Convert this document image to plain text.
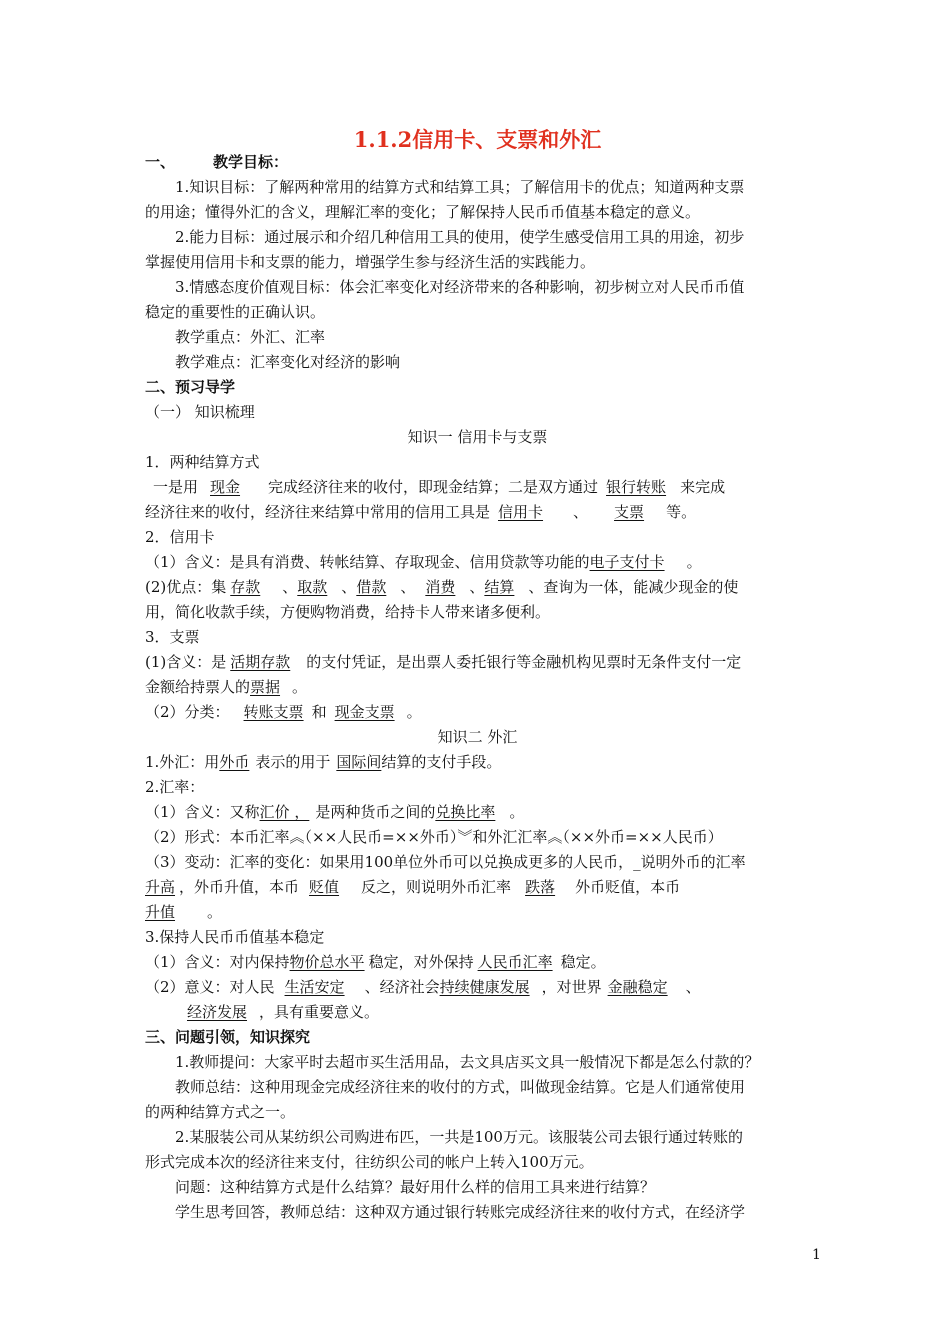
1.1.2信用卡、支票和外汇
一、	教学目标：
1.知识目标：了解两种常用的结算方式和结算工具；了解信用卡的优点；知道两种支票
的用途；懂得外汇的含义，理解汇率的变化；了解保持人民币币值基本稳定的意义。
2.能力目标：通过展示和介绍几种信用工具的使用，使学生感受信用工具的用途，初步
掌握使用信用卡和支票的能力，增强学生参与经济生活的实践能力。
3.情感态度价值观目标：体会汇率变化对经济带来的各种影响，初步树立对人民币币值
稳定的重要性的正确认识。
教学重点：外汇、汇率
教学难点：汇率变化对经济的影响
二、预习导学
（一） 知识梳理
知识一 信用卡与支票
1．两种结算方式
一是用 现金 完成经济往来的收付，即现金结算；二是双方通过 银行转账 来完成
经济往来的收付，经济往来结算中常用的信用工具是 信用卡 、 支票 等。
2．信用卡
（1）含义：是具有消费、转帐结算、存取现金、信用贷款等功能的电子支付卡 。
(2)优点：集 存款 、取款 、借款 、 消费 、结算 、查询为一体，能减少现金的使
用，简化收款手续，方便购物消费，给持卡人带来诸多便利。
3．支票
(1)含义：是 活期存款 的支付凭证，是出票人委托银行等金融机构见票时无条件支付一定
金额给持票人的票据 。
（2）分类： 转账支票 和 现金支票 。
知识二 外汇
1.外汇：用外币 表示的用于 国际间结算的支付手段。
2.汇率：
（1）含义：又称汇价 ， 是两种货币之间的兑换比率 。
（2）形式：本币汇率︽（××人民币=××外币）︾和外汇汇率︽（××外币=××人民币）
（3）变动：汇率的变化：如果用100单位外币可以兑换成更多的人民币，_说明外币的汇率
升高 ，外币升值，本币 贬值 反之，则说明外币汇率 跌落 外币贬值，本币
升值 。
3.保持人民币币值基本稳定
（1）含义：对内保持物价总水平 稳定，对外保持 人民币汇率 稳定。
（2）意义：对人民 生活安定 、经济社会持续健康发展 ，对世界 金融稳定 、
经济发展 ，具有重要意义。
三、问题引领，知识探究
1.教师提问：大家平时去超市买生活用品，去文具店买文具一般情况下都是怎么付款的？
教师总结：这种用现金完成经济往来的收付的方式，叫做现金结算。它是人们通常使用
的两种结算方式之一。
2.某服装公司从某纺织公司购进布匹，一共是100万元。该服装公司去银行通过转账的
形式完成本次的经济往来支付，往纺织公司的帐户上转入100万元。
问题：这种结算方式是什么结算？最好用什么样的信用工具来进行结算？
学生思考回答，教师总结：这种双方通过银行转账完成经济往来的收付方式，在经济学
1
